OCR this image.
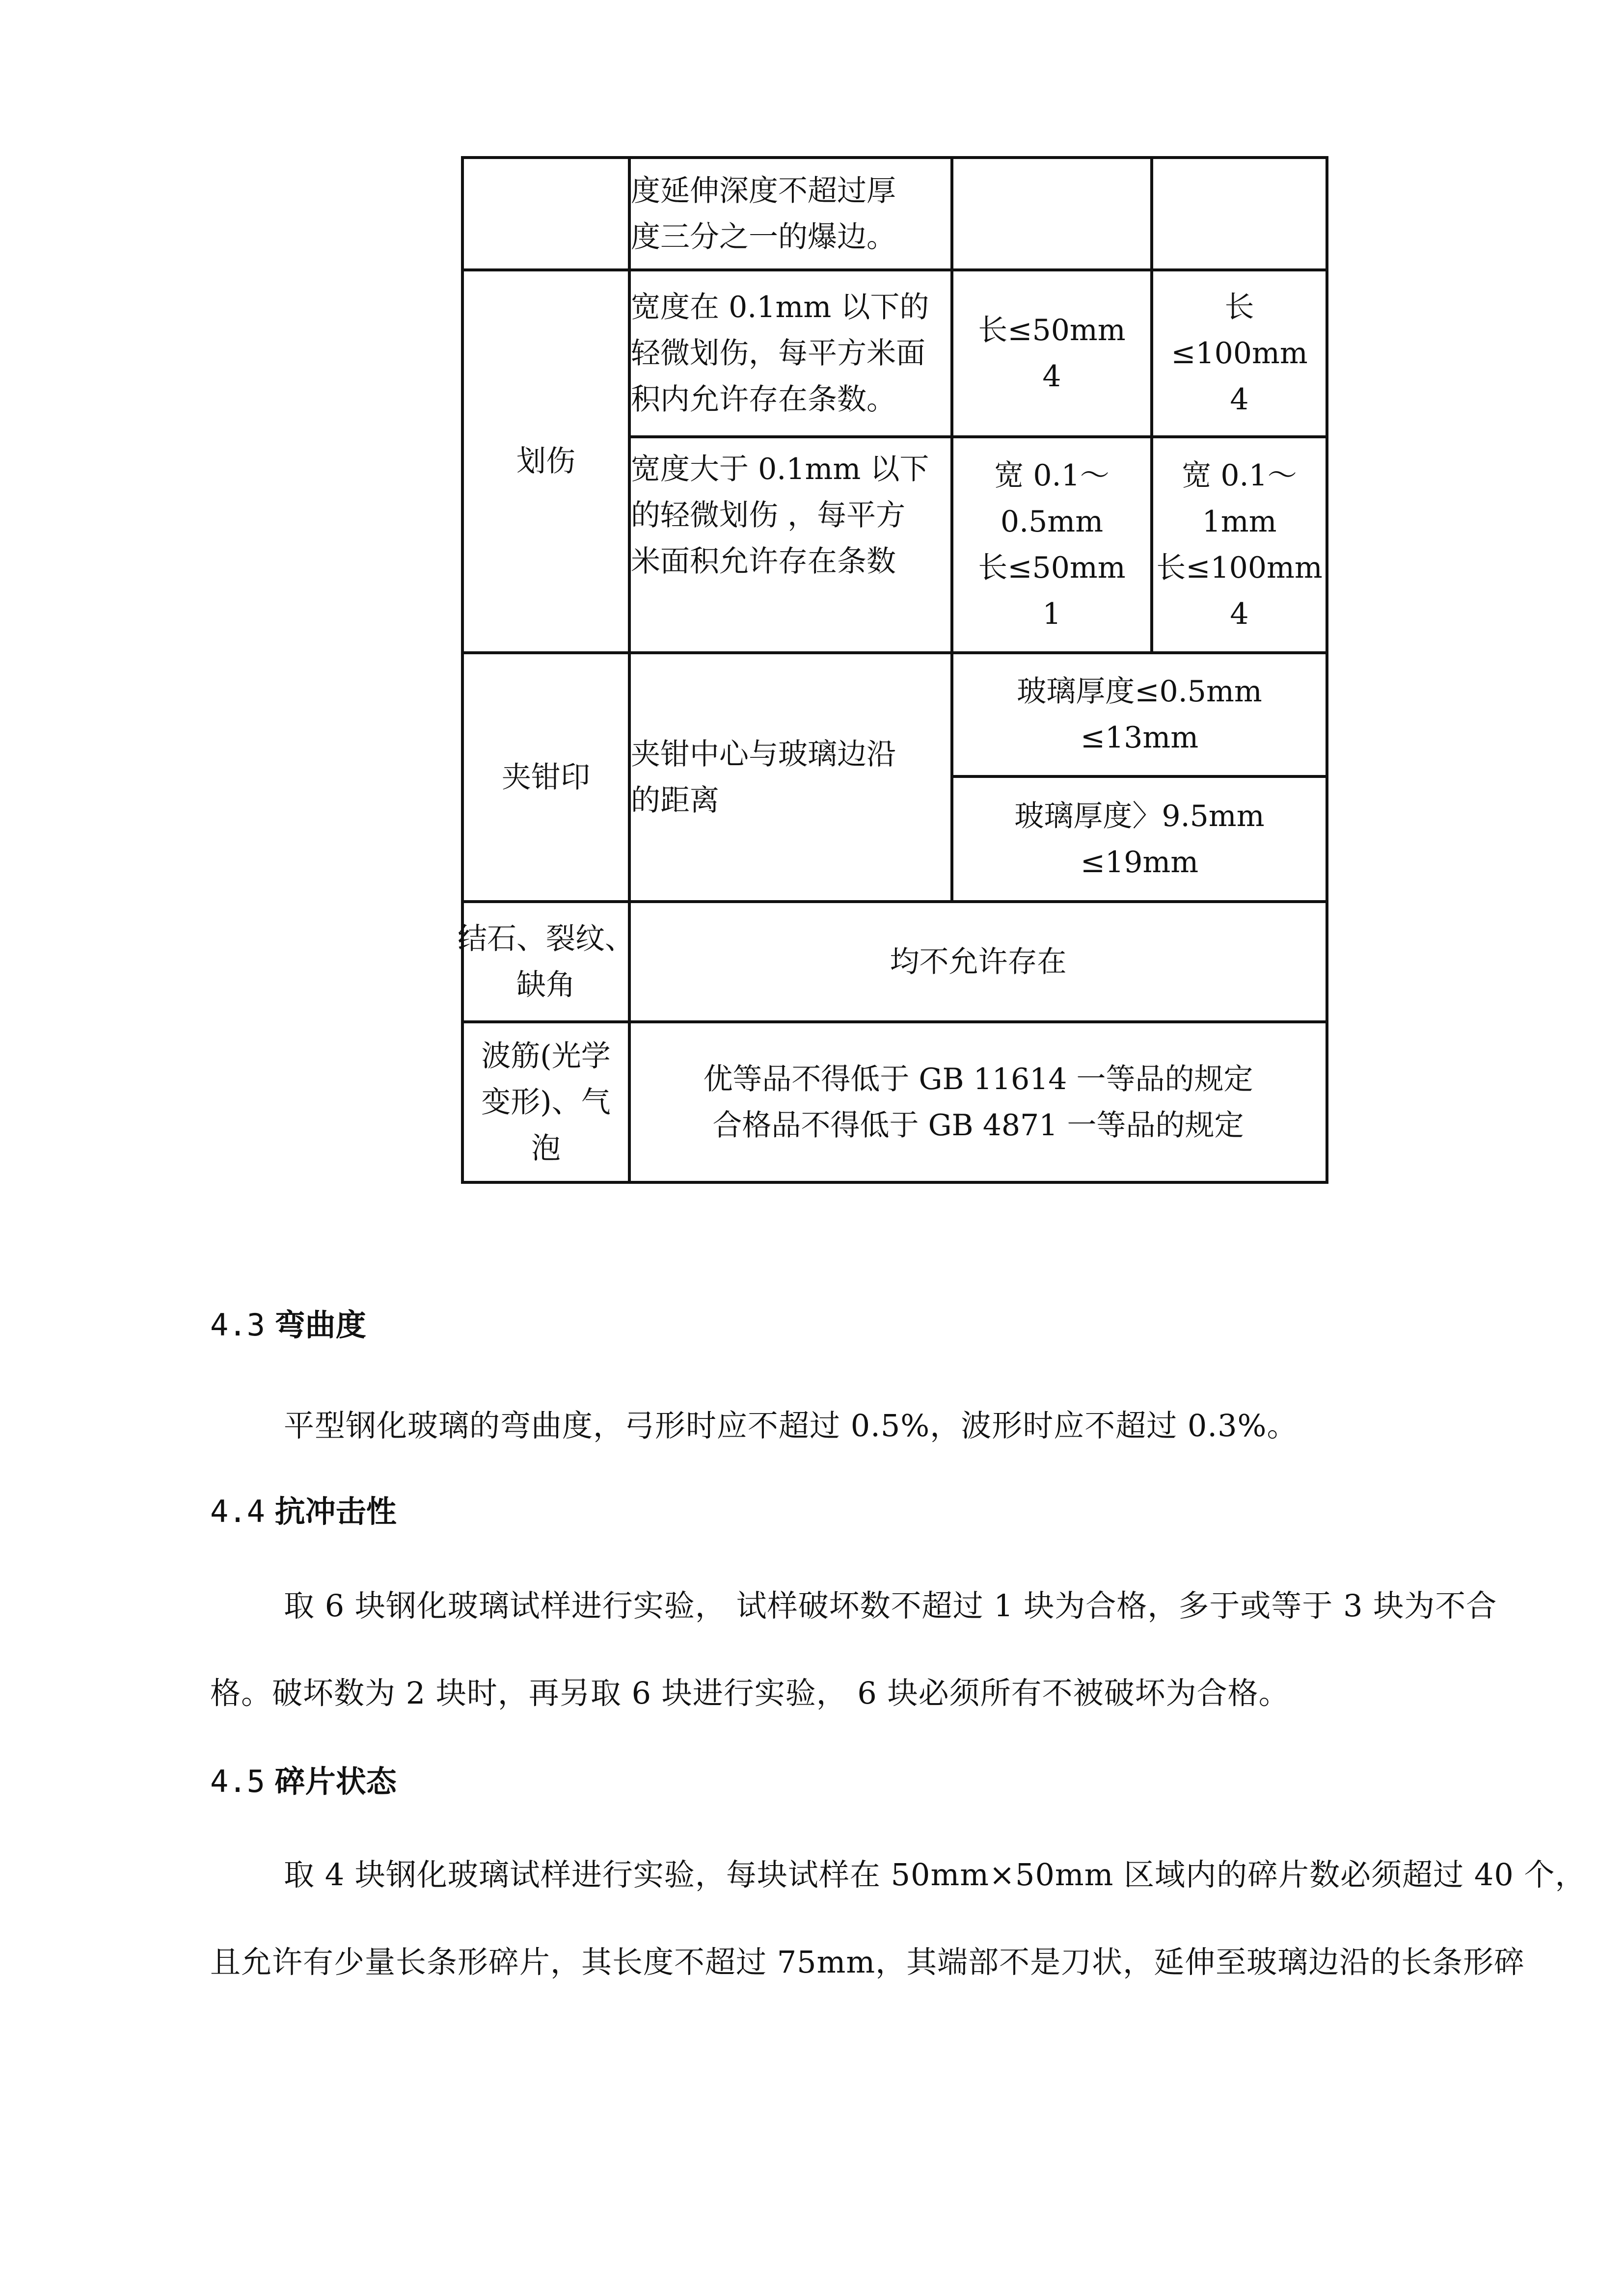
度延伸深度不超过厚
度三分之一的爆边。
划伤
宽度在 0.1mm 以下的
轻微划伤，每平方米面
积内允许存在条数。
长≤50mm
4
长
≤100mm
4
宽度大于 0.1mm 以下
的轻微划伤 ，每平方
米面积允许存在条数
宽 0.1～
0.5mm
长≤50mm
1
宽 0.1～
1mm
长≤100mm
4
夹钳印
夹钳中心与玻璃边沿
的距离
玻璃厚度≤0.5mm
≤13mm
玻璃厚度〉9.5mm
≤19mm
结石、裂纹、
缺角
均不允许存在
波筋(光学
变形)、气
泡
优等品不得低于 GB 11614 一等品的规定
合格品不得低于 GB 4871 一等品的规定
4.3 弯曲度
平型钢化玻璃的弯曲度，弓形时应不超过 0.5%，波形时应不超过 0.3%。
4.4 抗冲击性
取 6 块钢化玻璃试样进行实验， 试样破坏数不超过 1 块为合格，多于或等于 3 块为不合
格。破坏数为 2 块时，再另取 6 块进行实验， 6 块必须所有不被破坏为合格。
4.5 碎片状态
取 4 块钢化玻璃试样进行实验，每块试样在 50mm×50mm 区域内的碎片数必须超过 40 个，
且允许有少量长条形碎片，其长度不超过 75mm，其端部不是刀状，延伸至玻璃边沿的长条形碎
